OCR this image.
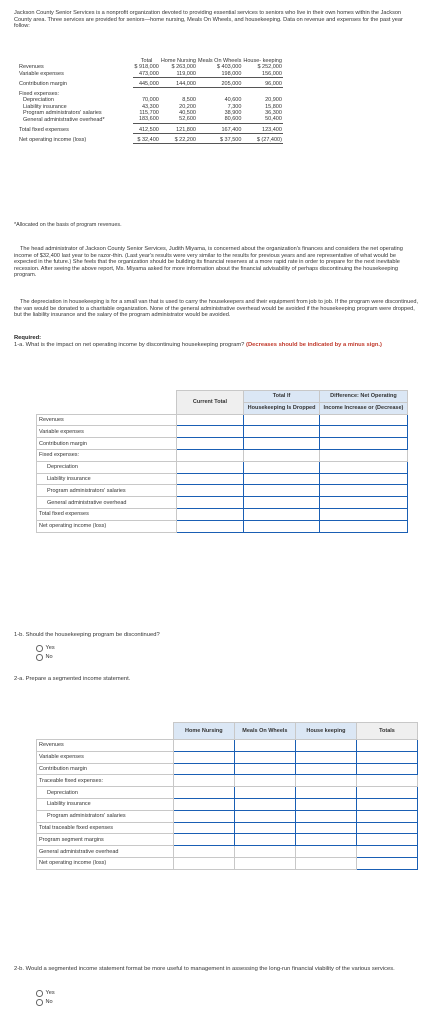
Jackson County Senior Services is a nonprofit organization devoted to providing essential services to seniors who live in their own homes within the Jackson County area. Three services are provided for seniors—home nursing, Meals On Wheels, and housekeeping. Data on revenue and expenses for the past year follow:
	Total	Home Nursing	Meals On Wheels	House- keeping	
Revenues	$ 918,000	$ 263,000	$ 403,000	$ 252,000	
Variable expenses	473,000	119,000	198,000	156,000	

Contribution margin	445,000	144,000	205,000	96,000	

Fixed expenses:					
Depreciation	70,000	8,500	40,600	20,900	
Liability insurance	43,300	20,200	7,300	15,800	
Program administrators' salaries	115,700	40,500	38,900	36,300	
General administrative overhead*	183,600	52,600	80,600	50,400	

Total fixed expenses	412,500	121,800	167,400	123,400	

Net operating income (loss)	$ 32,400	$ 22,200	$ 37,500	$ (27,400)	
*Allocated on the basis of program revenues.
The head administrator of Jackson County Senior Services, Judith Miyama, is concerned about the organization's finances and considers the net operating income of $32,400 last year to be razor-thin. (Last year's results were very similar to the results for previous years and are representative of what would be expected in the future.) She feels that the organization should be building its financial reserves at a more rapid rate in order to prepare for the next inevitable recession. After seeing the above report, Ms. Miyama asked for more information about the financial advisability of perhaps discontinuing the housekeeping program.
The depreciation in housekeeping is for a small van that is used to carry the housekeepers and their equipment from job to job. If the program were discontinued, the van would be donated to a charitable organization. None of the general administrative overhead would be avoided if the housekeeping program were dropped, but the liability insurance and the salary of the program administrator would be avoided.
Required:
1-a. What is the impact on net operating income by discontinuing housekeeping program? (Decreases should be indicated by a minus sign.)
	Current Total	Total If	Difference: Net Operating
		Housekeeping Is Dropped	Income Increase or (Decrease)
Revenues			
Variable expenses			
Contribution margin			
Fixed expenses:			
Depreciation			
Liability insurance			
Program administrators' salaries			
General administrative overhead			
Total fixed expenses			
Net operating income (loss)			
1-b. Should the housekeeping program be discontinued?
Yes
No
2-a. Prepare a segmented income statement.
	Home Nursing	Meals On Wheels	House keeping	Totals
Revenues				
Variable expenses				
Contribution margin				
Traceable fixed expenses:				
Depreciation				
Liability insurance				
Program administrators' salaries				
Total traceable fixed expenses				
Program segment margins				
General administrative overhead				
Net operating income (loss)				
2-b. Would a segmented income statement format be more useful to management in assessing the long-run financial viability of the various services.
Yes
No
